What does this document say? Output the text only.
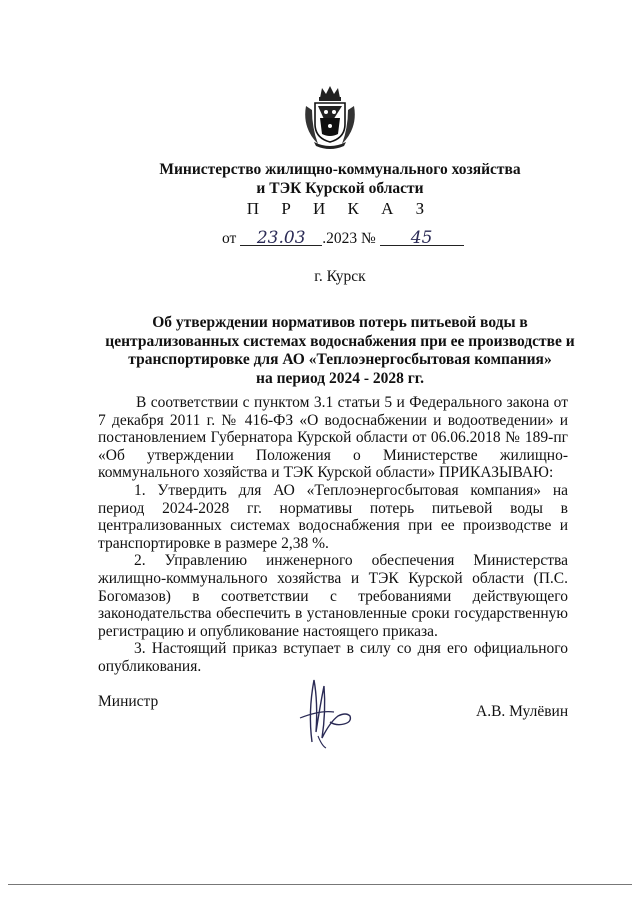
Министерство жилищно-коммунального хозяйства
и ТЭК Курской области
П Р И К А З
от 23.03 .2023 № 45
г. Курск
Об утверждении нормативов потерь питьевой воды в
централизованных системах водоснабжения при ее производстве и
транспортировке для АО «Теплоэнергосбытовая компания»
на период 2024 - 2028 гг.

В соответствии с пунктом 3.1 статьи 5 и Федерального закона от 7 декабря 2011 г. № 416-ФЗ «О водоснабжении и водоотведении» и постановлением Губернатора Курской области от 06.06.2018 № 189-пг «Об утверждении Положения о Министерстве жилищно-коммунального хозяйства и ТЭК Курской области» ПРИКАЗЫВАЮ:

1. Утвердить для АО «Теплоэнергосбытовая компания» на период 2024-2028 гг. нормативы потерь питьевой воды в централизованных системах водоснабжения при ее производстве и транспортировке в размере 2,38 %.

2. Управлению инженерного обеспечения Министерства жилищно-коммунального хозяйства и ТЭК Курской области (П.С. Богомазов) в соответствии с требованиями действующего законодательства обеспечить в установленные сроки государственную регистрацию и опубликование настоящего приказа.

3. Настоящий приказ вступает в силу со дня его официального опубликования.

Министр
А.В. Мулёвин
